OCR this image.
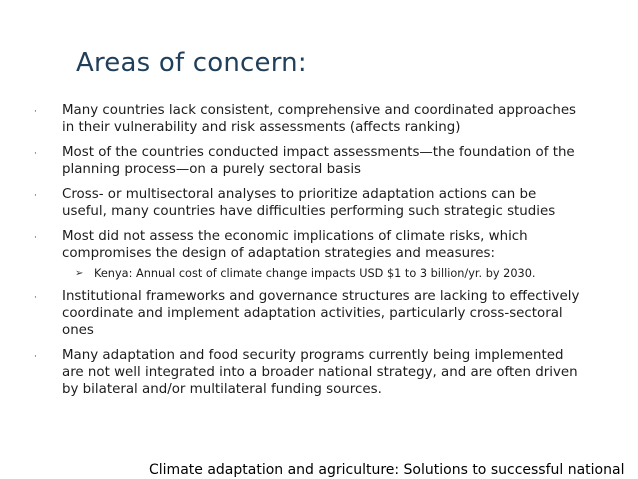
Areas of concern:
· Many countries lack consistent, comprehensive and coordinated approaches in their vulnerability and risk assessments (affects ranking)
· Most of the countries conducted impact assessments—the foundation of the planning process—on a purely sectoral basis
· Cross- or multisectoral analyses to prioritize adaptation actions can be useful, many countries have difficulties performing such strategic studies
· Most did not assess the economic implications of climate risks, which compromises the design of adaptation strategies and measures:
➢ Kenya: Annual cost of climate change impacts USD $1 to 3 billion/yr. by 2030.
· Institutional frameworks and governance structures are lacking to effectively coordinate and implement adaptation activities, particularly cross-sectoral ones
· Many adaptation and food security programs currently being implemented are not well integrated into a broader national strategy, and are often driven by bilateral and/or multilateral funding sources.
Climate adaptation and agriculture: Solutions to successful national
